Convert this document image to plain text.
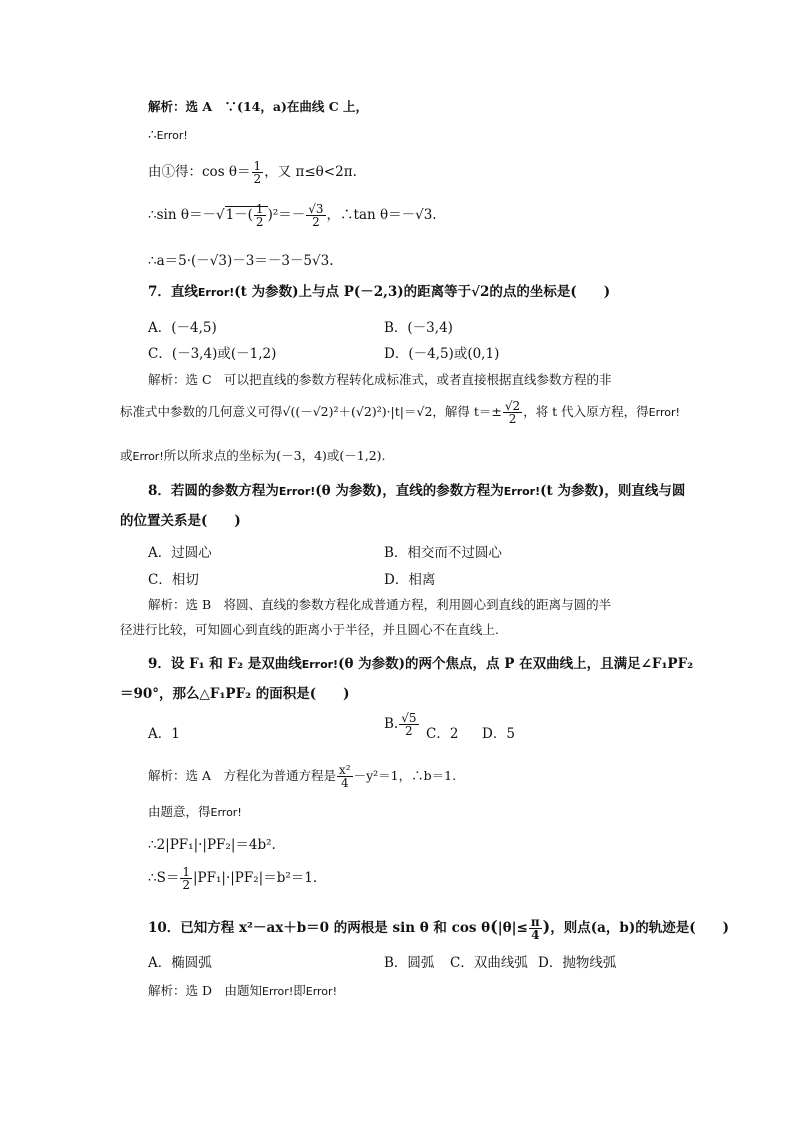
解析：选 A　∵(14，a)在曲线 C 上，
∴Error!
由①得：$\cos \theta= \frac{1}{2}$ ，又 π≤θ<2π.
∴sin $\theta=-√1-( \frac{1}{2} )^2=- \frac{√3}{2}$ ，∴tan θ＝－√3.
∴a＝5·(－√3)－3＝－3－5√3.
7．直线Error!(t 为参数)上与点 P(－2,3)的距离等于√2的点的坐标是(　　)
A．(－4,5)	B．(－3,4)
C．(－3,4)或(－1,2)	D．(－4,5)或(0,1)
解析：选 C　可以把直线的参数方程转化成标准式，或者直接根据直线参数方程的非
标准式中参数的几何意义可得√((－√2)²＋(√2)²)·|t|＝√2，解得 $t=\pm \frac{√2}{2}$ ，将 t 代入原方程，得Error!
或Error!所以所求点的坐标为(－3，4)或(－1,2).
8．若圆的参数方程为Error!(θ 为参数)，直线的参数方程为Error!(t 为参数)，则直线与圆
的位置关系是(　　)
A．过圆心	B．相交而不过圆心
C．相切	D．相离
解析：选 B　将圆、直线的参数方程化成普通方程，利用圆心到直线的距离与圆的半
径进行比较，可知圆心到直线的距离小于半径，并且圆心不在直线上.
9．设 F₁ 和 F₂ 是双曲线Error!(θ 为参数)的两个焦点，点 P 在双曲线上，且满足∠F₁PF₂
＝90°，那么△F₁PF₂ 的面积是(　　)
A．1
B. $\frac{√5}{2}$ C．2 D．5
解析：选 A　方程化为普通方程是 $\frac{\text{x²}}{4} -y^2=1$，∴b＝1.
由题意，得Error!
∴2|PF₁|·|PF₂|＝4b².
∴S＝ $\frac{1}{2} |PF_1|\cdot|PF_2|=b^2=1$.
10．已知方程 x²－ax＋b＝0 的两根是 sin θ 和 $\cos \theta(|\theta|\le \frac{\pi}{4}$ )，则点(a，b)的轨迹是(　　)
A．椭圆弧	B．圆弧 C．双曲线弧 D．抛物线弧
解析：选 D　由题知Error!即Error!
